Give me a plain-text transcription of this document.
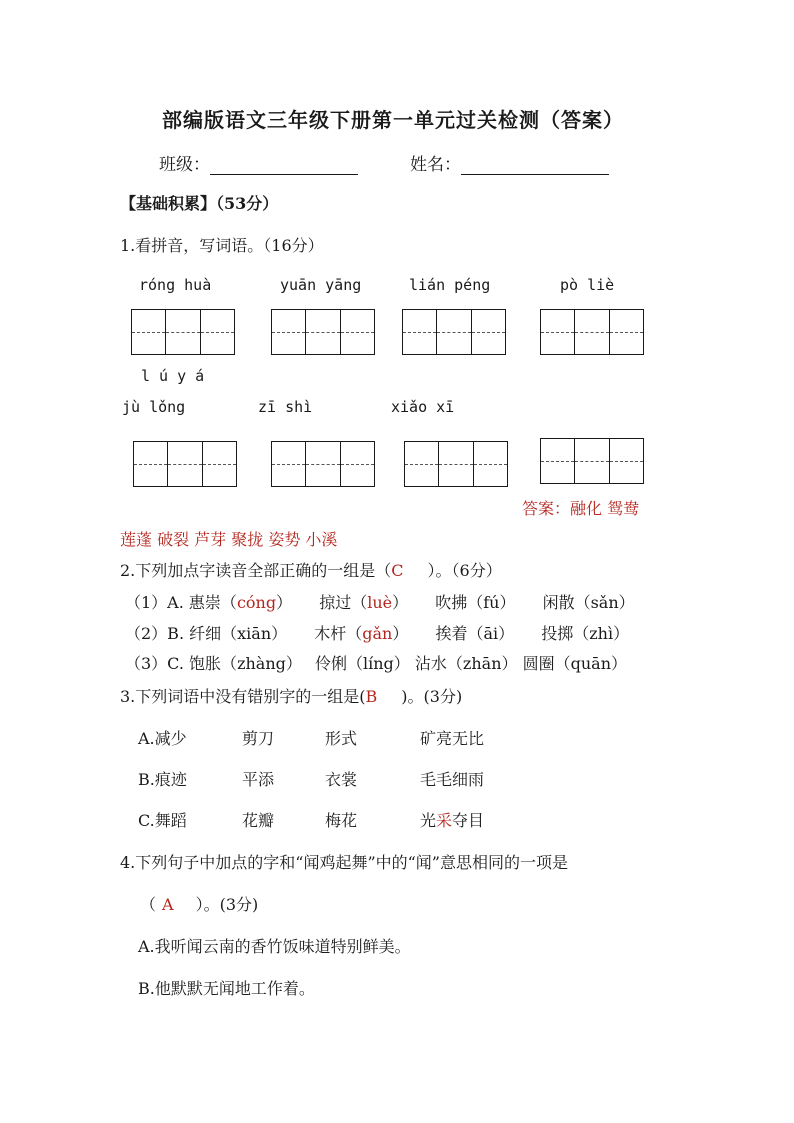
部编版语文三年级下册第一单元过关检测（答案）
班级：	姓名：
【基础积累】（53分）
1.看拼音，写词语。（16分）
róng huà	yuān yāng	lián péng	pò liè
l ú y á
jù lǒng	zī shì	xiǎo xī
答案：融化 鸳鸯
莲蓬 破裂 芦芽 聚拢 姿势 小溪
2.下列加点字读音全部正确的一组是（C ）。（6分）
（1）A. 惠崇（cóng） 掠过（luè） 吹拂（fú） 闲散（sǎn）
（2）B. 纤细（xiān） 木杆（gǎn） 挨着（āi） 投掷（zhì）
（3）C. 饱胀（zhàng） 伶俐（líng） 沾水（zhān） 圆圈（quān）
3.下列词语中没有错别字的一组是(B )。(3分)
A.减少	剪刀	形式	矿亮无比
B.痕迹	平添	衣裳	毛毛细雨
C.舞蹈	花瓣	梅花	光采夺目
4.下列句子中加点的字和“闻鸡起舞”中的“闻”意思相同的一项是
（ A ）。(3分)
A.我听闻云南的香竹饭味道特别鲜美。
B.他默默无闻地工作着。
